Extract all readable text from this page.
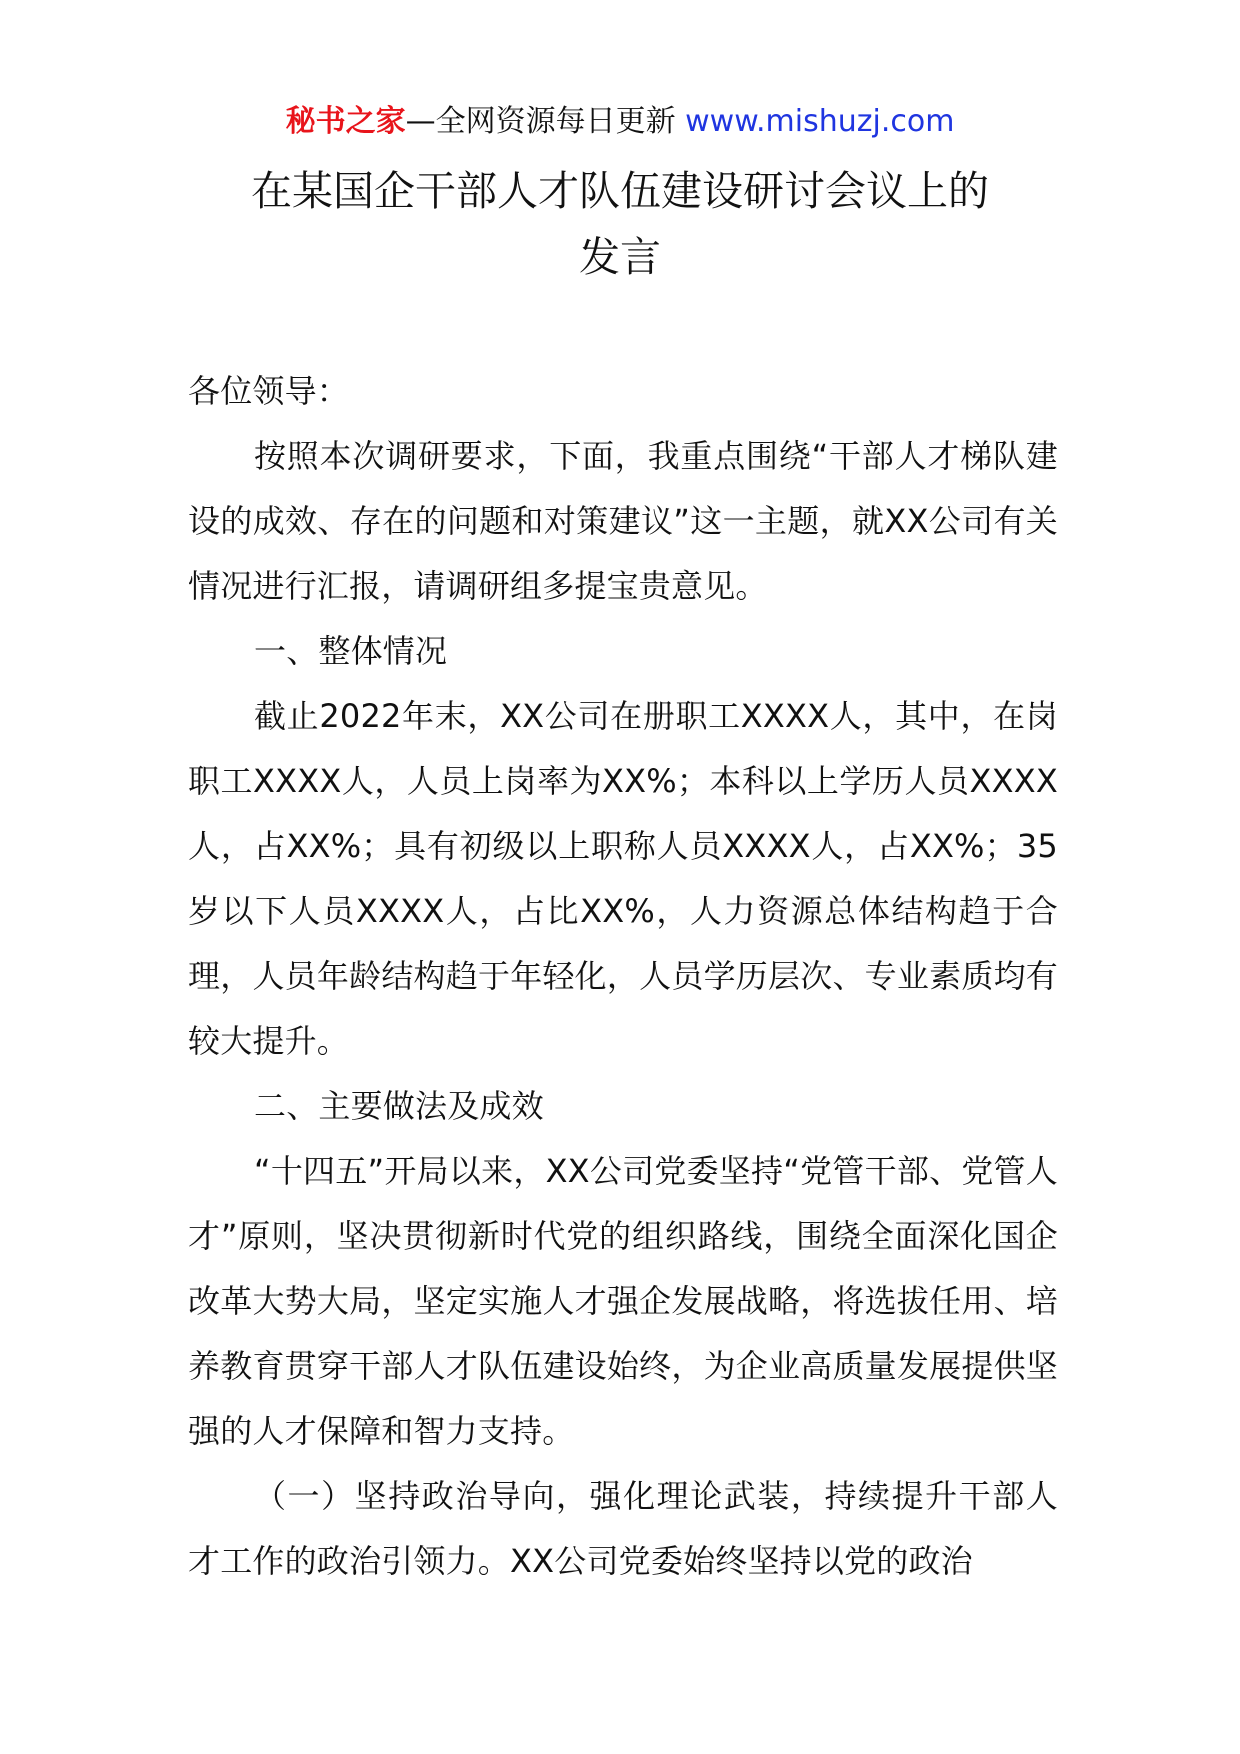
秘书之家—全网资源每日更新 www.mishuzj.com
在某国企干部人才队伍建设研讨会议上的
发言

各位领导：

按照本次调研要求，下面，我重点围绕“干部人才梯队建设的成效、存在的问题和对策建议”这一主题，就XX公司有关情况进行汇报，请调研组多提宝贵意见。

一、整体情况

截止2022年末，XX公司在册职工XXXX人，其中，在岗职工XXXX人，人员上岗率为XX%；本科以上学历人员XXXX人，占XX%；具有初级以上职称人员XXXX人，占XX%；35岁以下人员XXXX人，占比XX%，人力资源总体结构趋于合理，人员年龄结构趋于年轻化，人员学历层次、专业素质均有较大提升。

二、主要做法及成效

“十四五”开局以来，XX公司党委坚持“党管干部、党管人才”原则，坚决贯彻新时代党的组织路线，围绕全面深化国企改革大势大局，坚定实施人才强企发展战略，将选拔任用、培养教育贯穿干部人才队伍建设始终，为企业高质量发展提供坚强的人才保障和智力支持。

（一）坚持政治导向，强化理论武装，持续提升干部人才工作的政治引领力。XX公司党委始终坚持以党的政治
